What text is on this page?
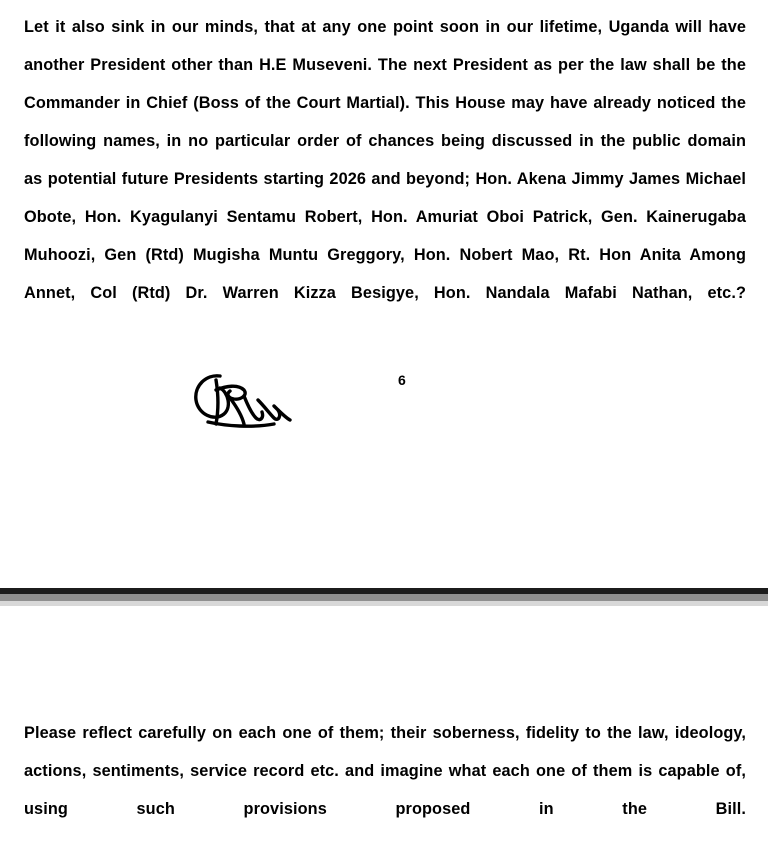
Let it also sink in our minds, that at any one point soon in our lifetime, Uganda will have another President other than H.E Museveni. The next President as per the law shall be the Commander in Chief (Boss of the Court Martial). This House may have already noticed the following names, in no particular order of chances being discussed in the public domain as potential future Presidents starting 2026 and beyond; Hon. Akena Jimmy James Michael Obote, Hon. Kyagulanyi Sentamu Robert, Hon. Amuriat Oboi Patrick, Gen. Kainerugaba Muhoozi, Gen (Rtd) Mugisha Muntu Greggory, Hon. Nobert Mao, Rt. Hon Anita Among Annet, Col (Rtd) Dr. Warren Kizza Besigye, Hon. Nandala Mafabi Nathan, etc.?

6

Please reflect carefully on each one of them; their soberness, fidelity to the law, ideology, actions, sentiments, service record etc. and imagine what each one of them is capable of, using such provisions proposed in the Bill.
